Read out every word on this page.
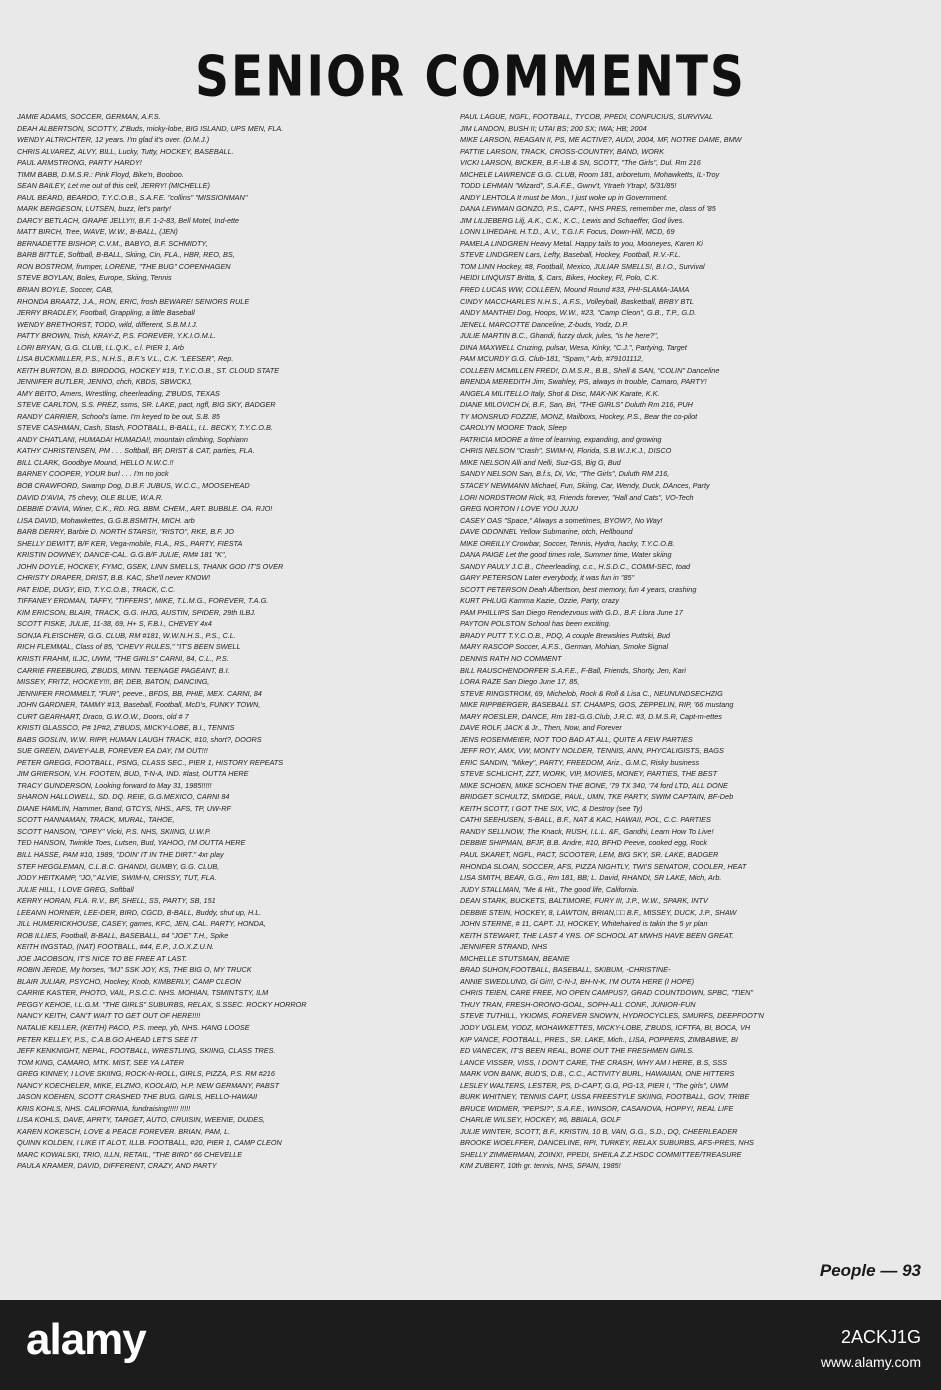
SENIOR COMMENTS
JAMIE ADAMS, SOCCER, GERMAN, A.F.S.
DEAH ALBERTSON, SCOTTY, Z'Buds, micky-lobe, BIG ISLAND, UPS MEN, FLA.
WENDY ALTRICHTER, 12 years. I'm glad it's over. (D.M.J.)
CHRIS ALVAREZ, ALVY, BILL, Lucky, Tutty, HOCKEY, BASEBALL.
PAUL ARMSTRONG, PARTY HARDY!
TIMM BABB, D.M.S.R.: Pink Floyd, Bike'n, Booboo.
SEAN BAILEY, Let me out of this cell, JERRY! (MICHELLE)
PAUL BEARD, BEARDO, T.Y.C.O.B., S.A.F.E. "collins" "MISSIONMAN"
MARK BERGESON, LUTSEN, buzz, let's party!
DARCY BETLACH, GRAPE JELLY!!, B.F. 1-2-83, Bell Motel, Ind-ette
MATT BIRCH, Tree, WAVE, W.W., B-BALL, (JEN)
BERNADETTE BISHOP, C.V.M., BABYO, B.F. SCHMIDTY,
BARB BITTLE, Softball, B-BALL, Skiing, Cin, FLA., HBR, REO, BS,
RON BOSTROM, frumper, LORENE, "THE BUG" COPENHAGEN
STEVE BOYLAN, Boles, Europe, Skiing, Tennis
BRIAN BOYLE, Soccer, CAB,
RHONDA BRAATZ, J.A., RON, ERIC, frosh BEWARE! SENIORS RULE
JERRY BRADLEY, Football, Grappling, a little Baseball
WENDY BRETHORST, TODD, wild, different, S.B.M.I.J.
PATTY BROWN, Trish, KRAY-Z, P.S. FOREVER, Y.K.I.O.M.L.
LORI BRYAN, G.G. CLUB, I.L.Q.K., c.l. PIER 1, Arb
LISA BUCKMILLER, P.S., N.H.S., B.F.'s V.L., C.K. "LEESER", Rep.
KEITH BURTON, B.D. BIRDDOG, HOCKEY #19, T.Y.C.O.B., ST. CLOUD STATE
JENNIFER BUTLER, JENNO, chch, KBDS, SBWCKJ,
AMY BEITO, Amers, Wrestling, cheerleading, Z'BUDS, TEXAS
STEVE CARLTON, S.S. PREZ, ssms, SR. LAKE, pact, ngfl, BIG SKY, BADGER
RANDY CARRIER, School's lame. I'm keyed to be out, S.B. 85
STEVE CASHMAN, Cash, Stash, FOOTBALL, B-BALL, I.L. BECKY, T.Y.C.O.B.
ANDY CHATLANI, HUMADA! HUMADA!!, mountain climbing, Sophiann
KATHY CHRISTENSEN, PM . . . Softball, BF, DRIST & CAT, parties, FLA.
BILL CLARK, Goodbye Mound, HELLO N.W.C.!!
BARNEY COOPER, YOUR burl . . . I'm no jock
BOB CRAWFORD, Swamp Dog, D.B.F. JUBUS, W.C.C., MOOSEHEAD
DAVID D'AVIA, 75 chevy, OLE BLUE, W.A.R.
DEBBIE D'AVIA, Winer, C.K., RD. RG. BBM. CHEM., ART. BUBBLE. OA. RJO!
LISA DAVID, Mohawkettes, G.G.B.BSMITH, MICH. arb
BARB DERRY, Barbie D. NORTH STARS!!, "RISTO", RKE, B.F. JO
SHELLY DEWITT, B/F KER, Vega-mobile, FLA., RS., PARTY, FIESTA
KRISTIN DOWNEY, DANCE-CAL. G.G.B/F JULIE, RM# 181 "K",
JOHN DOYLE, HOCKEY, FYMC, GSEK, LINN SMELLS, THANK GOD IT'S OVER
CHRISTY DRAPER, DRIST, B.B. KAC, She'll never KNOW!
PAT EIDE, DUGY, EID, T.Y.C.O.B., TRACK, C.C.
TIFFANEY ERDMAN, TAFFY, "TIFFERS", MIKE, T.L.M.G., FOREVER, T.A.G.
KIM ERICSON, BLAIR, TRACK, G.G. IHJG, AUSTIN, SPIDER, 29th ILBJ.
SCOTT FISKE, JULIE, 11-38, 69, H+ S, F.B.I., CHEVEY 4x4
SONJA FLEISCHER, G.G. CLUB, RM #181, W.W.N.H.S., P.S., C.L.
RICH FLEMMAL, Class of 85, "CHEVY RULES," "IT'S BEEN SWELL
KRISTI FRAHM, ILJC, UWM, "THE GIRLS" CARNI, 84, C.L., P.S.
CARRIE FREEBURG, Z'BUDS, MINN. TEENAGE PAGEANT, B.I.
MISSEY, FRITZ, HOCKEY!!!, BF, DEB, BATON, DANCING,
JENNIFER FROMMELT, "FUR", peeve., BFDS, BB, PHIE, MEX. CARNI, 84
JOHN GARDNER, TAMMY #13, Baseball, Football, McD's, FUNKY TOWN,
CURT GEARHART, Draco, G.W.O.W., Doors, old # 7
KRISTI GLASSCO, P# 1P#2, Z'BUDS, MICKY-LOBE, B.I., TENNIS
BABS GOSLIN, W.W. RIPP, HUMAN LAUGH TRACK, #10, short?, DOORS
SUE GREEN, DAVEY-ALB, FOREVER EA DAY, I'M OUT!!!
PETER GREGG, FOOTBALL, PSNG, CLASS SEC., PIER 1, HISTORY REPEATS
JIM GRIERSON, V.H. FOOTEN, BUD, T-N-A, IND. #last, OUTTA HERE
TRACY GUNDERSON, Looking forward to May 31, 1985!!!!!
SHARON HALLOWELL, SD. DQ. REIE, G.G.MEXICO, CARNI 84
DIANE HAMLIN, Hammer, Band, GTCYS, NHS., AFS, TP, UW-RF
SCOTT HANNAMAN, TRACK, MURAL, TAHOE,
SCOTT HANSON, "OPEY" Vicki, P.S. NHS, SKIING, U.W.P.
TED HANSON, Twinkle Toes, Lutsen, Bud, YAHOO, I'M OUTTA HERE
BILL HASSE, PAM #10, 1989, "DOIN' IT IN THE DIRT." 4xr play
STEF HEGGLEMAN, C.L.B.C. GHANDI, GUMBY, G.G. CLUB,
JODY HEITKAMP, "JO," ALVIE, SWIM-N, CRISSY, TUT, FLA.
JULIE HILL, I LOVE GREG, Softball
KERRY HORAN, FLA. R.V., BF, SHELL, SS, PARTY, SB, 151
LEEANN HORNER, LEE-DER, BIRD, CGCD, B-BALL, Buddy, shut up, H.L.
JILL HUMERICKHOUSE, CASEY, games, KFC, JEN, CAL. PARTY, HONDA,
ROB ILLIES, Football, B-BALL, BASEBALL, #4 "JOE" T.H., Spike
KEITH INGSTAD, (NAT) FOOTBALL, #44, E.P., J.O.X.Z.U.N.
JOE JACOBSON, IT'S NICE TO BE FREE AT LAST.
ROBIN JERDE, My horses, "MJ" SSK JOY, KS, THE BIG O, MY TRUCK
BLAIR JULIAR, PSYCHO, Hockey, Knob, KIMBERLY, CAMP CLEON
CARRIE KASTER, PHOTO, VAIL, P.S.C.C. NHS. MOHIAN, TSMINTSTY, ILM
PEGGY KEHOE, I.L.G.M. "THE GIRLS" SUBURBS, RELAX, S.SSEC. ROCKY HORROR
NANCY KEITH, CAN'T WAIT TO GET OUT OF HERE!!!!
NATALIE KELLER, (KEITH) PACO, P.S. meep, yb, NHS. HANG LOOSE
PETER KELLEY, P.S., C.A.B.GO AHEAD LET'S SEE IT
JEFF KENKNIGHT, NEPAL, FOOTBALL, WRESTLING, SKIING, CLASS TRES.
TOM KING, CAMARO, MTK. MIST, SEE YA LATER
GREG KINNEY, I LOVE SKIING, ROCK-N-ROLL, GIRLS, PIZZA, P.S. RM #216
NANCY KOECHELER, MIKE, ELZMO, KOOLAID, H.P. NEW GERMANY, PABST
JASON KOEHEN, SCOTT CRASHED THE BUG. GIRLS, HELLO-HAWAII
KRIS KOHLS, NHS. CALIFORNIA, fundraising!!!!! !!!!!
LISA KOHLS, DAVE, APRTY, TARGET, AUTO, CRUISIN, WEENIE, DUDES,
KAREN KOKESCH, LOVE & PEACE FOREVER. BRIAN, PAM, L.
QUINN KOLDEN, I LIKE IT ALOT, ILLB. FOOTBALL, #20, PIER 1, CAMP CLEON
MARC KOWALSKI, TRIO, ILLN, RETAIL, "THE BIRD" 66 CHEVELLE
PAULA KRAMER, DAVID, DIFFERENT, CRAZY, AND PARTY
PAUL LAGUE, NGFL, FOOTBALL, TYCOB, PPEDI, CONFUCIUS, SURVIVAL
JIM LANDON, BUSH II; UTAI BS; 200 SX; IWA; HB; 2004
MIKE LARSON, REAGAN II, PS, ME ACTIVE?, AUDI, 2004, MF, NOTRE DAME, BMW
PATTIE LARSON, TRACK, CROSS-COUNTRY, BAND, WORK
VICKI LARSON, BICKER, B.F.-LB & SN, SCOTT, "The Girls", Dul. Rm 216
MICHELE LAWRENCE G.G. CLUB, Room 181, arboretum, Mohawketts, IL-Troy
TODD LEHMAN "Wizard", S.A.F.E., Gwnv't, Ytraeh Ytrap!, 5/31/85!
ANDY LEHTOLA It must be Mon., I just woke up in Government.
DANA LEWMAN GONZO, P.S., CAPT., NHS PRES, remember me, class of '85
JIM LILJEBERG Lilj, A.K., C.K., K.C., Lewis and Schaeffer, God lives.
LONN LIHEDAHL H.T.D., A.V., T.G.I.F. Focus, Down-Hill, MCD, 69
PAMELA LINDGREN Heavy Metal. Happy tails to you, Mooneyes, Karen Ki
STEVE LINDGREN Lars, Lefty, Baseball, Hockey, Football, R.V.-F.L.
TOM LINN Hockey, #8, Football, Mexico, JULIAR SMELLS!, B.I.O., Survival
HEIDI LINQUIST Britta, $, Cars, Bikes, Hockey, Fl, Polo, C.K.
FRED LUCAS WW, COLLEEN, Mound Round #33, PHI-SLAMA-JAMA
CINDY MACCHARLES N.H.S., A.F.S., Volleyball, Basketball, BRBY BTL
ANDY MANTHEI Dog, Hoops, W.W., #23, "Camp Cleon", G.B., T.P., G.D.
JENELL MARCOTTE Danceline, Z-buds, Yodz, D.P.
JULIE MARTIN B.C., Ghandi, fuzzy duck, jules, "is he here?",
DINA MAXWELL Cruzing, pulsar, Wesa, Kinky, "C.J.", Partying, Target
PAM MCURDY G.G. Club-181, "Spam," Arb, #79101112,
COLLEEN MCMILLEN FRED!, D.M.S.R., B.B., Shell & SAN, "COLIN" Danceline
BRENDA MEREDITH Jim, Swahley, PS, always in trouble, Camaro, PARTY!
ANGELA MILITELLO Italy, Shot & Disc, MAK-NK Karate, K.K.
DIANE MILOVICH Di, B.F., San, Bri, "THE GIRLS" Duluth Rm 216, PUH
TY MONSRUD FOZZIE, MONZ, Mailboxs, Hockey, P.S., Bear the co-pilot
CAROLYN MOORE Track, Sleep
PATRICIA MOORE a time of learning, expanding, and growing
CHRIS NELSON "Crash", SWIM-N, Florida, S.B.W.J.K.J., DISCO
MIKE NELSON Alli and Nelli, Suz-GS, Big G, Bud
SANDY NELSON San, B.f.s, Di, Vic, "The Girls", Duluth RM 216,
STACEY NEWMANN Michael, Fun, Skiing, Car, Wendy, Duck, DAnces, Party
LORI NORDSTROM Rick, #3, Friends forever, "Hall and Cats", VO-Tech
GREG NORTON I LOVE YOU JUJU
CASEY OAS "Space," Always a sometimes, BYOW?, No Way!
DAVE ODONNEL Yellow Submarine, otch, Hellbound
MIKE OREILLY Crowbar, Soccer, Tennis, Hydro, hacky, T.Y.C.O.B.
DANA PAIGE Let the good times role, Summer time, Water skiing
SANDY PAULY J.C.B., Cheerleading, c.c., H.S.D.C., COMM-SEC, toad
GARY PETERSON Later everybody, it was fun in "85"
SCOTT PETERSON Deah Albertson, best memory, fun 4 years, crashing
KURT PHLUG Kamma Kazie, Ozzie, Party, crazy
PAM PHILLIPS San Diego Rendezvous with G.D., B.F. Llora June 17
PAYTON POLSTON School has been exciting.
BRADY PUTT T.Y.C.O.B., PDQ, A couple Brewskies Puttski, Bud
MARY RASCOP Soccer, A.F.S., German, Mohian, Smoke Signal
DENNIS RATH NO COMMENT
BILL RAUSCHENDORFER S.A.F.E., F-Ball, Friends, Shorty, Jen, Kari
LORA RAZE San Diego June 17, 85,
STEVE RINGSTROM, 69, Michelob, Rock & Roll & Lisa C., NEUNUNDSECHZIG
MIKE RIPPBERGER, BASEBALL ST. CHAMPS, GOS, ZEPPELIN, RIP, '66 mustang
MARY ROESLER, DANCE, Rm 181-G.G.Club, J.R.C. #3, D.M.S.R, Capt-m-ettes
DAVE ROLF, JACK & Jr., Then, Now, and Forever
JENS ROSENMEIER, NOT TOO BAD AT ALL, QUITE A FEW PARTIES
JEFF ROY, AMX, VW, MONTY NOLDER, TENNIS, ANN, PHYCALIGISTS, BAGS
ERIC SANDIN, "Mikey", PARTY, FREEDOM, Ariz., G.M.C, Risky business
STEVE SCHLICHT, ZZT, WORK, VIP, MOVIES, MONEY, PARTIES, THE BEST
MIKE SCHOEN, MIKE SCHOEN THE BONE, '79 TX 340, '74 ford LTD, ALL DONE
BRIDGET SCHULTZ, SMIDGE, PAUL, UMN, TKE PARTY, SWIM CAPTAIN, BF-Deb
KEITH SCOTT, I GOT THE SIX, VIC, & Destroy (see Ty)
CATHI SEEHUSEN, S-BALL, B.F., NAT & KAC, HAWAII, POL, C.C. PARTIES
RANDY SELLNOW, The Knack, RUSH, I.L.L. &F., Gandhi, Learn How To Live!
DEBBIE SHIPMAN, BFJF, B.B. Andre, #10, BFHD Peeve, cooked egg, Rock
PAUL SKARET, NGFL, PACT, SCOOTER, LEM, BIG SKY, SR. LAKE, BADGER
RHONDA SLOAN, SOCCER, AFS, PIZZA NIGHTLY, TWI'S SENATOR, COOLER, HEAT
LISA SMITH, BEAR, G.G., Rm 181, BB; L. David, RHANDI, SR LAKE, Mich, Arb.
JUDY STALLMAN, "Me & Hit., The good life, California.
DEAN STARK, BUCKETS, BALTIMORE, FURY III, J.P., W.W., SPARK, INTV
DEBBIE STEIN, HOCKEY, 8, LAWTON, BRIAN,□□ B.F., MISSEY, DUCK, J.P., SHAW
JOHN STERNE, # 11, CAPT. JJ, HOCKEY, Whitehaired is takin the 5 yr plan
KEITH STEWART, THE LAST 4 YRS. OF SCHOOL AT MWHS HAVE BEEN GREAT.
JENNIFER STRAND, NHS
MICHELLE STUTSMAN, BEANIE
BRAD SUHON,FOOTBALL, BASEBALL, SKIBUM, -CHRISTINE-
ANNIE SWEDLUND, Gi Gi!!!, C-N-J, BH-N-K, I'M OUTA HERE (I HOPE)
CHRIS TEIEN, CARE FREE, NO OPEN CAMPUS?, GRAD COUNTDOWN, SPBC, "TIEN"
THUY TRAN, FRESH-ORONO-GOAL, SOPH-ALL CONF., JUNIOR-FUN
STEVE TUTHILL, YKIOMS, FOREVER SNOW'N, HYDROCYCLES, SMURFS, DEEPFOOT'N
JODY UGLEM, YODZ, MOHAWKETTES, MICKY-LOBE, Z'BUDS, ICFTFA, BI, BOCA, VH
KIP VANCE, FOOTBALL, PRES., SR. LAKE, Mich., LISA, POPPERS, ZIMBABWE, BI
ED VANECEK, IT'S BEEN REAL, BORE OUT THE FRESHMEN GIRLS.
LANCE VISSER, VISS, I DON'T CARE, THE CRASH, WHY AM I HERE, B.S, SSS
MARK VON BANK, BUD'S, D.B., C.C., ACTIVITY BURL, HAWAIIAN, ONE HITTERS
LESLEY WALTERS, LESTER, PS, D-CAPT, G.G, PG-13, PIER I, "The girls", UWM
BURK WHITNEY, TENNIS CAPT, USSA FREESTYLE SKIING, FOOTBALL, GOV, TRIBE
BRUCE WIDMER, "PEPSI?", S.A.F.E., WINSOR, CASANOVA, HOPPY!, REAL LIFE
CHARLIE WILSEY, HOCKEY, #6, BBIALA, GOLF
JULIE WINTER, SCOTT, B.F., KRISTIN, 10 B, VAN, G.G., S.D., DQ, CHEERLEADER
BROOKE WOELFFER, DANCELINE, RPI, TURKEY, RELAX SUBURBS, AFS-PRES, NHS
SHELLY ZIMMERMAN, ZOINX!, PPEDI, SHEILA Z.Z.HSDC COMMITTEE/TREASURE
KIM ZUBERT, 10th gr. tennis, NHS, SPAIN, 1985!
People — 93
alamy	2ACKJ1G
www.alamy.com
